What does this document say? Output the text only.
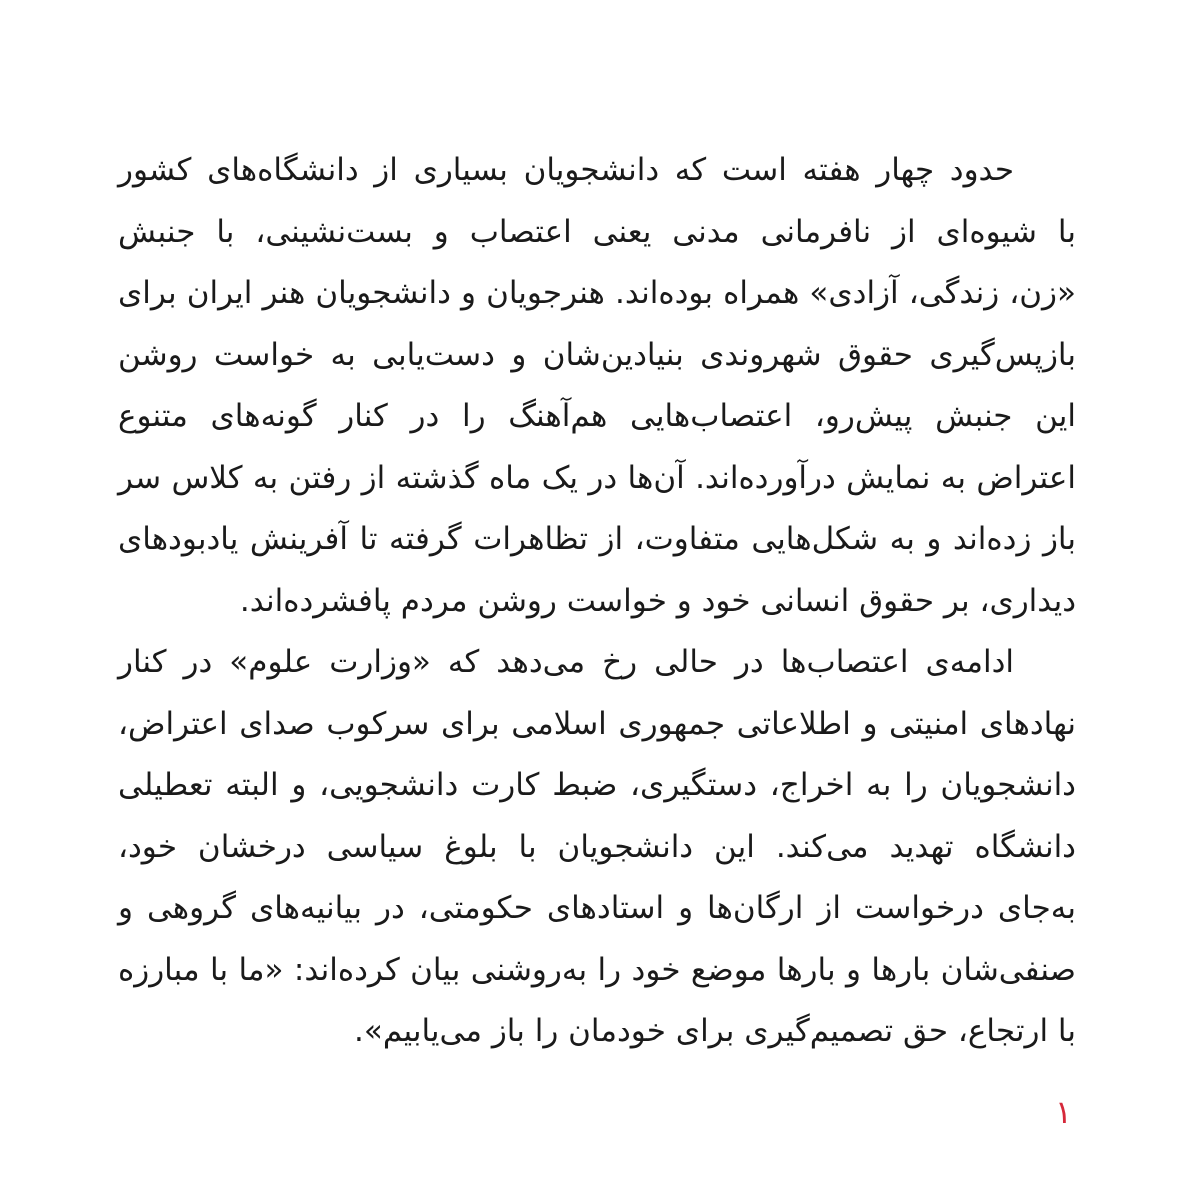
حدود چهار هفته است که دانشجویان بسیاری از دانشگاه‌های کشور
با شیوه‌ای از نافرمانی مدنی یعنی اعتصاب و بست‌نشینی، با جنبش
«زن، زندگی، آزادی» همراه بوده‌اند. هنرجویان و دانشجویان هنر ایران برای
بازپس‌گیری حقوق شهروندی بنیادین‌شان و دست‌یابی به خواست روشن
این جنبش پیش‌رو، اعتصاب‌هایی هم‌آهنگ را در کنار گونه‌های متنوع
اعتراض به نمایش درآورده‌اند. آن‌ها در یک ماه گذشته از رفتن به کلاس سر
باز زده‌اند و به شکل‌هایی متفاوت، از تظاهرات گرفته تا آفرینش یادبودهای
دیداری، بر حقوق انسانی خود و خواست روشن مردم پافشرده‌اند.
ادامه‌ی اعتصاب‌ها در حالی رخ می‌دهد که «وزارت علوم» در کنار
نهادهای امنیتی و اطلاعاتی جمهوری اسلامی برای سرکوب صدای اعتراض،
دانشجویان را به اخراج، دستگیری، ضبط کارت دانشجویی، و البته تعطیلی
دانشگاه تهدید می‌کند. این دانشجویان با بلوغ سیاسی درخشان خود،
به‌جای درخواست از ارگان‌ها و استادهای حکومتی، در بیانیه‌های گروهی و
صنفی‌شان بارها و بارها موضع خود را به‌روشنی بیان کرده‌اند: «ما با مبارزه
با ارتجاع، حق تصمیم‌گیری برای خودمان را باز می‌یابیم».
۱
